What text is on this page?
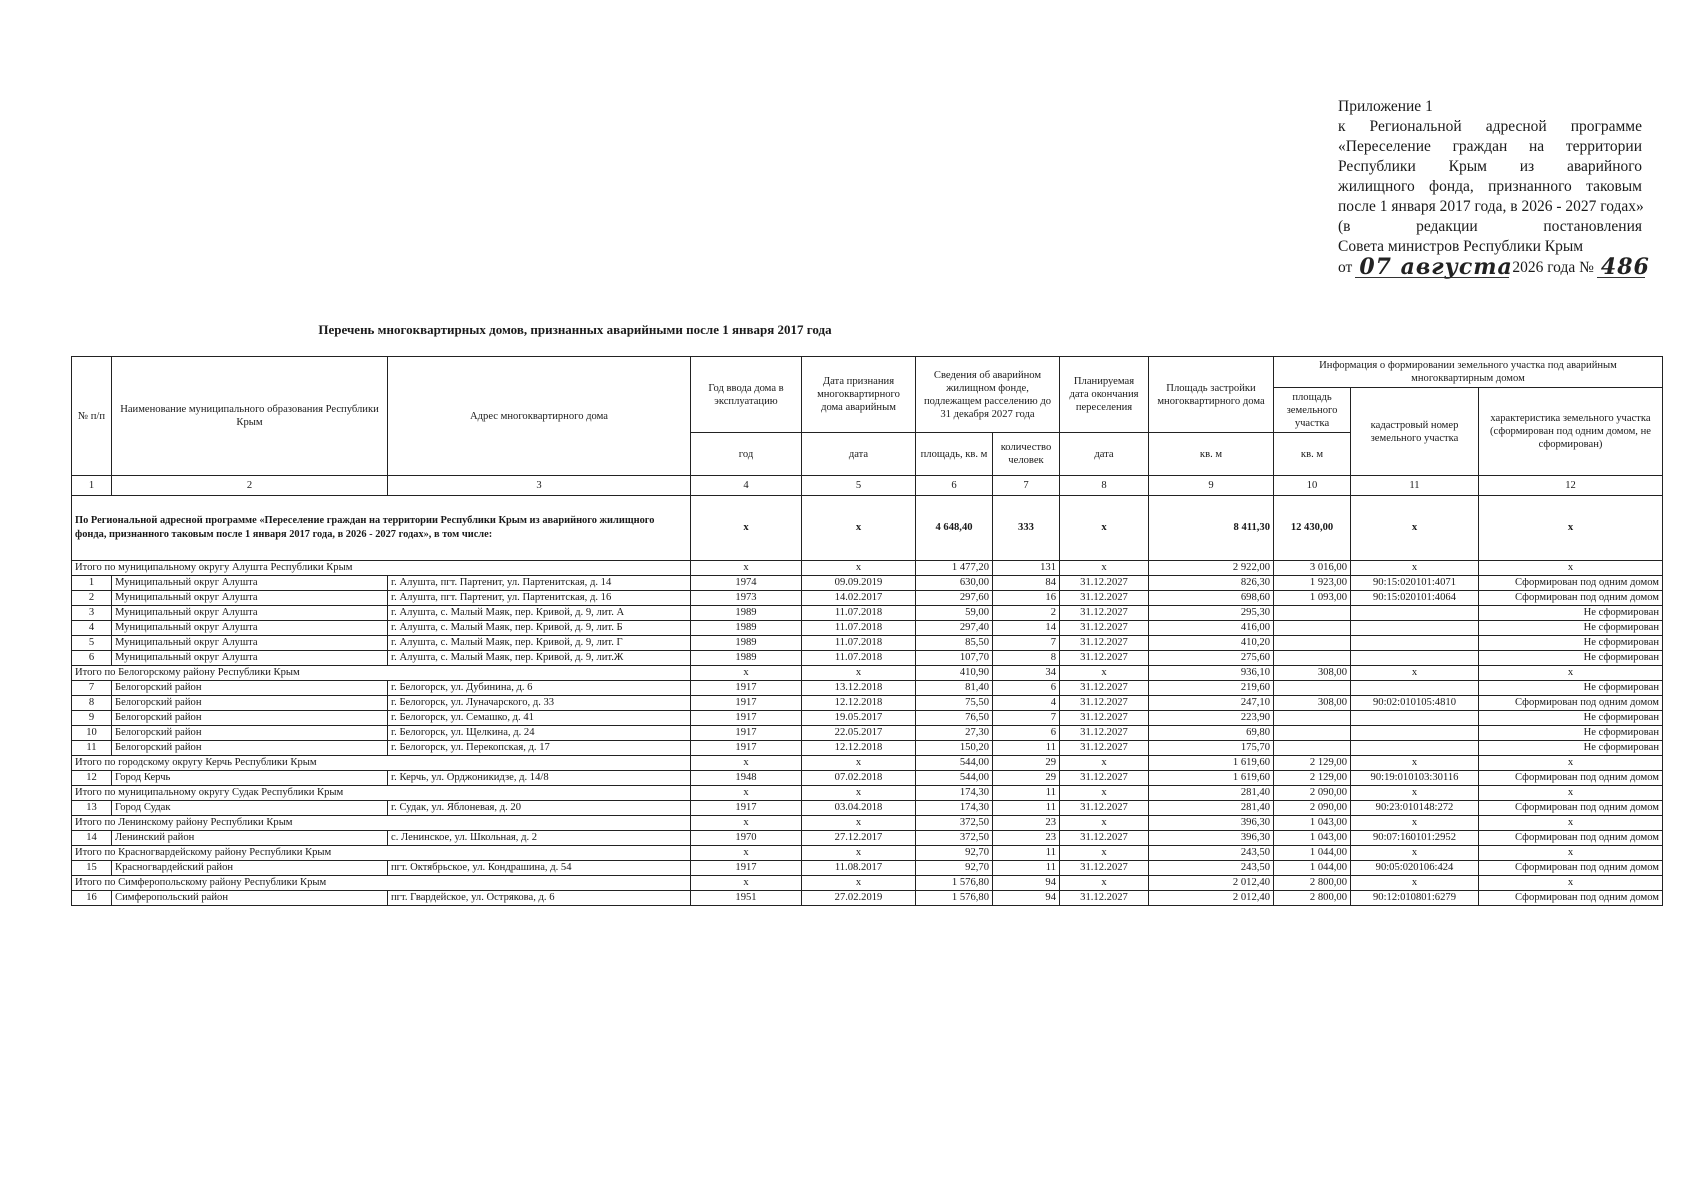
Приложение 1
к Региональной адресной программе
«Переселение граждан на территории
Республики Крым из аварийного
жилищного фонда, признанного таковым
после 1 января 2017 года, в 2026 - 2027 годах»
(в редакции постановления
Совета министров Республики Крым
от 07 августа 2026 года № 486
Перечень многоквартирных домов, признанных аварийными после 1 января 2017 года
№ п/п	Наименование муниципального образования Республики Крым	Адрес многоквартирного дома	Год ввода дома в эксплуатацию	Дата признания многоквартирного дома аварийным	Сведения об аварийном жилищном фонде, подлежащем расселению до 31 декабря 2027 года		Планируемая дата окончания переселения	Площадь застройки многоквартирного дома	Информация о формировании земельного участка под аварийным многоквартирным домом		
									площадь земельного участка	кадастровый номер земельного участка	характеристика земельного участка (сформирован под одним домом, не сформирован)
			год	дата	площадь, кв. м	количество человек	дата	кв. м	кв. м		
1	2	3	4	5	6	7	8	9	10	11	12
По Региональной адресной программе «Переселение граждан на территории Республики Крым из аварийного жилищного фонда, признанного таковым после 1 января 2017 года, в 2026 - 2027 годах», в том числе:			x	x	4 648,40	333	x	8 411,30	12 430,00	x	x
Итого по муниципальному округу Алушта Республики Крым			x	x	1 477,20	131	x	2 922,00	3 016,00	x	x
1	Муниципальный округ Алушта	г. Алушта, пгт. Партенит, ул. Партенитская, д. 14	1974	09.09.2019	630,00	84	31.12.2027	826,30	1 923,00	90:15:020101:4071	Сформирован под одним домом
2	Муниципальный округ Алушта	г. Алушта, пгт. Партенит, ул. Партенитская, д. 16	1973	14.02.2017	297,60	16	31.12.2027	698,60	1 093,00	90:15:020101:4064	Сформирован под одним домом
3	Муниципальный округ Алушта	г. Алушта, с. Малый Маяк, пер. Кривой, д. 9, лит. А	1989	11.07.2018	59,00	2	31.12.2027	295,30			Не сформирован
4	Муниципальный округ Алушта	г. Алушта, с. Малый Маяк, пер. Кривой, д. 9, лит. Б	1989	11.07.2018	297,40	14	31.12.2027	416,00			Не сформирован
5	Муниципальный округ Алушта	г. Алушта, с. Малый Маяк, пер. Кривой, д. 9, лит. Г	1989	11.07.2018	85,50	7	31.12.2027	410,20			Не сформирован
6	Муниципальный округ Алушта	г. Алушта, с. Малый Маяк, пер. Кривой, д. 9, лит.Ж	1989	11.07.2018	107,70	8	31.12.2027	275,60			Не сформирован
Итого по Белогорскому району Республики Крым			x	x	410,90	34	x	936,10	308,00	x	x
7	Белогорский район	г. Белогорск, ул. Дубинина, д. 6	1917	13.12.2018	81,40	6	31.12.2027	219,60			Не сформирован
8	Белогорский район	г. Белогорск, ул. Луначарского, д. 33	1917	12.12.2018	75,50	4	31.12.2027	247,10	308,00	90:02:010105:4810	Сформирован под одним домом
9	Белогорский район	г. Белогорск, ул. Семашко, д. 41	1917	19.05.2017	76,50	7	31.12.2027	223,90			Не сформирован
10	Белогорский район	г. Белогорск, ул. Щелкина, д. 24	1917	22.05.2017	27,30	6	31.12.2027	69,80			Не сформирован
11	Белогорский район	г. Белогорск, ул. Перекопская, д. 17	1917	12.12.2018	150,20	11	31.12.2027	175,70			Не сформирован
Итого по городскому округу Керчь Республики Крым			x	x	544,00	29	x	1 619,60	2 129,00	x	x
12	Город Керчь	г. Керчь, ул. Орджоникидзе, д. 14/8	1948	07.02.2018	544,00	29	31.12.2027	1 619,60	2 129,00	90:19:010103:30116	Сформирован под одним домом
Итого по муниципальному округу Судак Республики Крым			x	x	174,30	11	x	281,40	2 090,00	x	x
13	Город Судак	г. Судак, ул. Яблоневая, д. 20	1917	03.04.2018	174,30	11	31.12.2027	281,40	2 090,00	90:23:010148:272	Сформирован под одним домом
Итого по Ленинскому району Республики Крым			x	x	372,50	23	x	396,30	1 043,00	x	x
14	Ленинский район	с. Ленинское, ул. Школьная, д. 2	1970	27.12.2017	372,50	23	31.12.2027	396,30	1 043,00	90:07:160101:2952	Сформирован под одним домом
Итого по Красногвардейскому району Республики Крым			x	x	92,70	11	x	243,50	1 044,00	x	x
15	Красногвардейский район	пгт. Октябрьское, ул. Кондрашина, д. 54	1917	11.08.2017	92,70	11	31.12.2027	243,50	1 044,00	90:05:020106:424	Сформирован под одним домом
Итого по Симферопольскому району Республики Крым			x	x	1 576,80	94	x	2 012,40	2 800,00	x	x
16	Симферопольский район	пгт. Гвардейское, ул. Острякова, д. 6	1951	27.02.2019	1 576,80	94	31.12.2027	2 012,40	2 800,00	90:12:010801:6279	Сформирован под одним домом
